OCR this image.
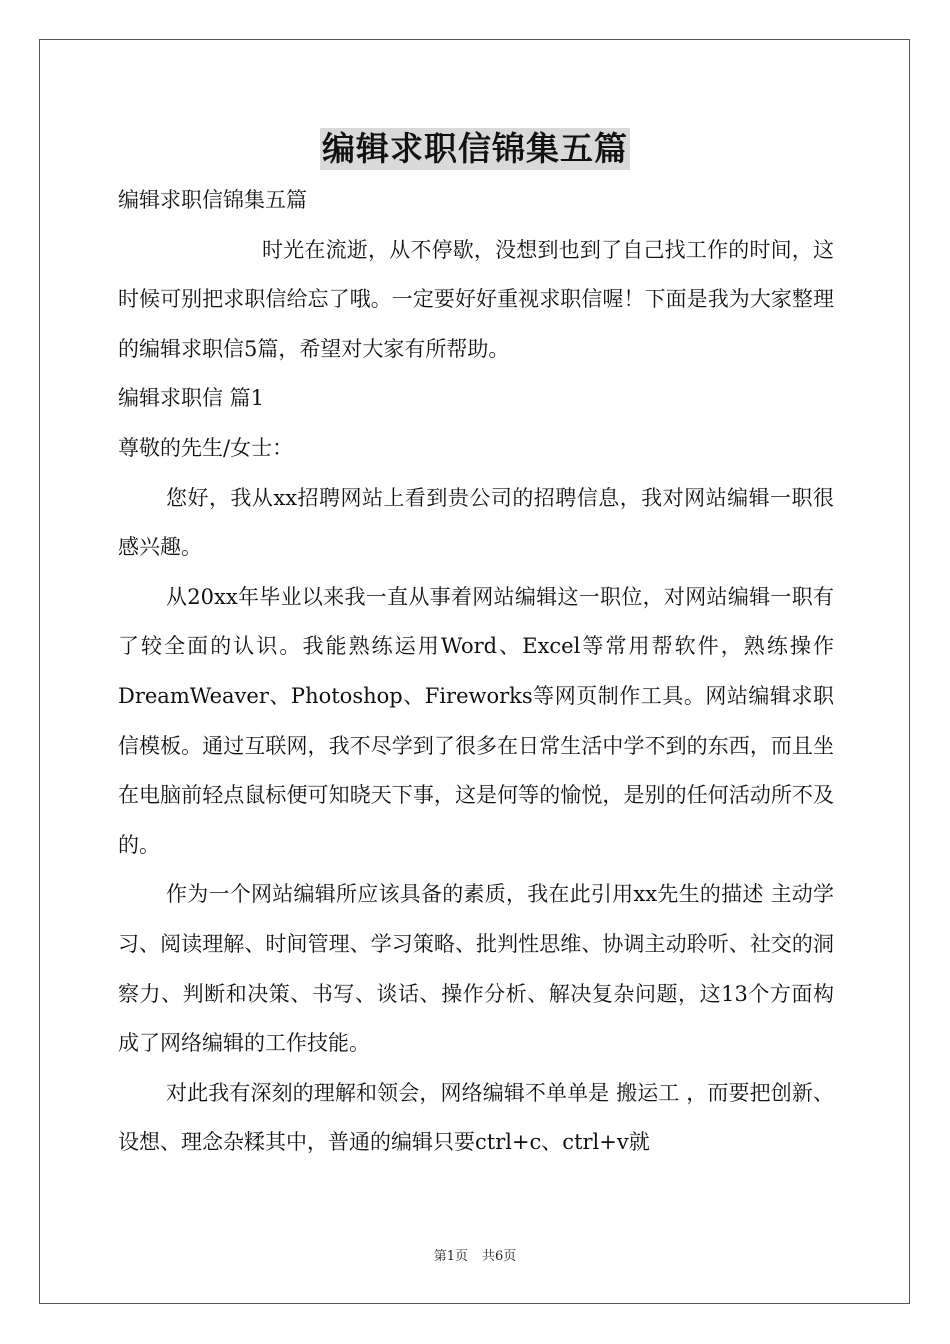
编辑求职信锦集五篇

编辑求职信锦集五篇

时光在流逝，从不停歇，没想到也到了自己找工作的时间，这时候可别把求职信给忘了哦。一定要好好重视求职信喔！下面是我为大家整理的编辑求职信5篇，希望对大家有所帮助。

编辑求职信 篇1

尊敬的先生/女士：

您好，我从xx招聘网站上看到贵公司的招聘信息，我对网站编辑一职很感兴趣。

从20xx年毕业以来我一直从事着网站编辑这一职位，对网站编辑一职有了较全面的认识。我能熟练运用Word、Excel等常用帮软件，熟练操作DreamWeaver、Photoshop、Fireworks等网页制作工具。网站编辑求职信模板。通过互联网，我不尽学到了很多在日常生活中学不到的东西，而且坐在电脑前轻点鼠标便可知晓天下事，这是何等的愉悦，是别的任何活动所不及的。

作为一个网站编辑所应该具备的素质，我在此引用xx先生的描述 主动学习、阅读理解、时间管理、学习策略、批判性思维、协调主动聆听、社交的洞察力、判断和决策、书写、谈话、操作分析、解决复杂问题，这13个方面构成了网络编辑的工作技能。

对此我有深刻的理解和领会，网络编辑不单单是 搬运工 ，而要把创新、设想、理念杂糅其中，普通的编辑只要ctrl+c、ctrl+v就

第1页 共6页
